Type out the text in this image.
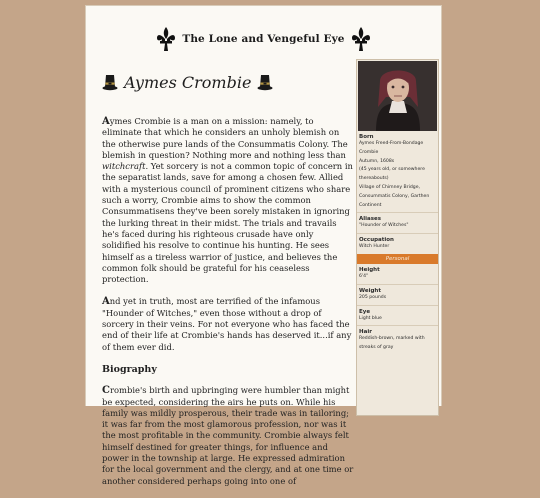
The Lone and Vengeful Eye
Aymes Crombie

Aymes Crombie is a man on a mission: namely, to eliminate that which he considers an unholy blemish on the otherwise pure lands of the Consummatis Colony. The blemish in question? Nothing more and nothing less than witchcraft. Yet sorcery is not a common topic of concern in the separatist lands, save for among a chosen few. Allied with a mysterious council of prominent citizens who share such a worry, Crombie aims to show the common Consummatisens they've been sorely mistaken in ignoring the lurking threat in their midst. The trials and travails he's faced during his righteous crusade have only solidified his resolve to continue his hunting. He sees himself as a tireless warrior of justice, and believes the common folk should be grateful for his ceaseless protection.

And yet in truth, most are terrified of the infamous "Hounder of Witches," even those without a drop of sorcery in their veins. For not everyone who has faced the end of their life at Crombie's hands has deserved it...if any of them ever did.

Biography

Crombie's birth and upbringing were humbler than might be expected, considering the airs he puts on. While his family was mildly prosperous, their trade was in tailoring; it was far from the most glamorous profession, nor was it the most profitable in the community. Crombie always felt himself destined for greater things, for influence and power in the township at large. He expressed admiration for the local government and the clergy, and at one time or another considered perhaps going into one of

Born
Aymes Freed-From-Bondage
Crombie
Autumn, 1608s
(45 years old, or somewhere
thereabouts)
Village of Chimney Bridge,
Consummatis Colony, Garthen
Continent
Aliases
"Hounder of Witches"
Occupation
Witch Hunter
Personal
Height
6'4"
Weight
205 pounds
Eye
Light blue
Hair
Reddish-brown, marked with
streaks of gray
